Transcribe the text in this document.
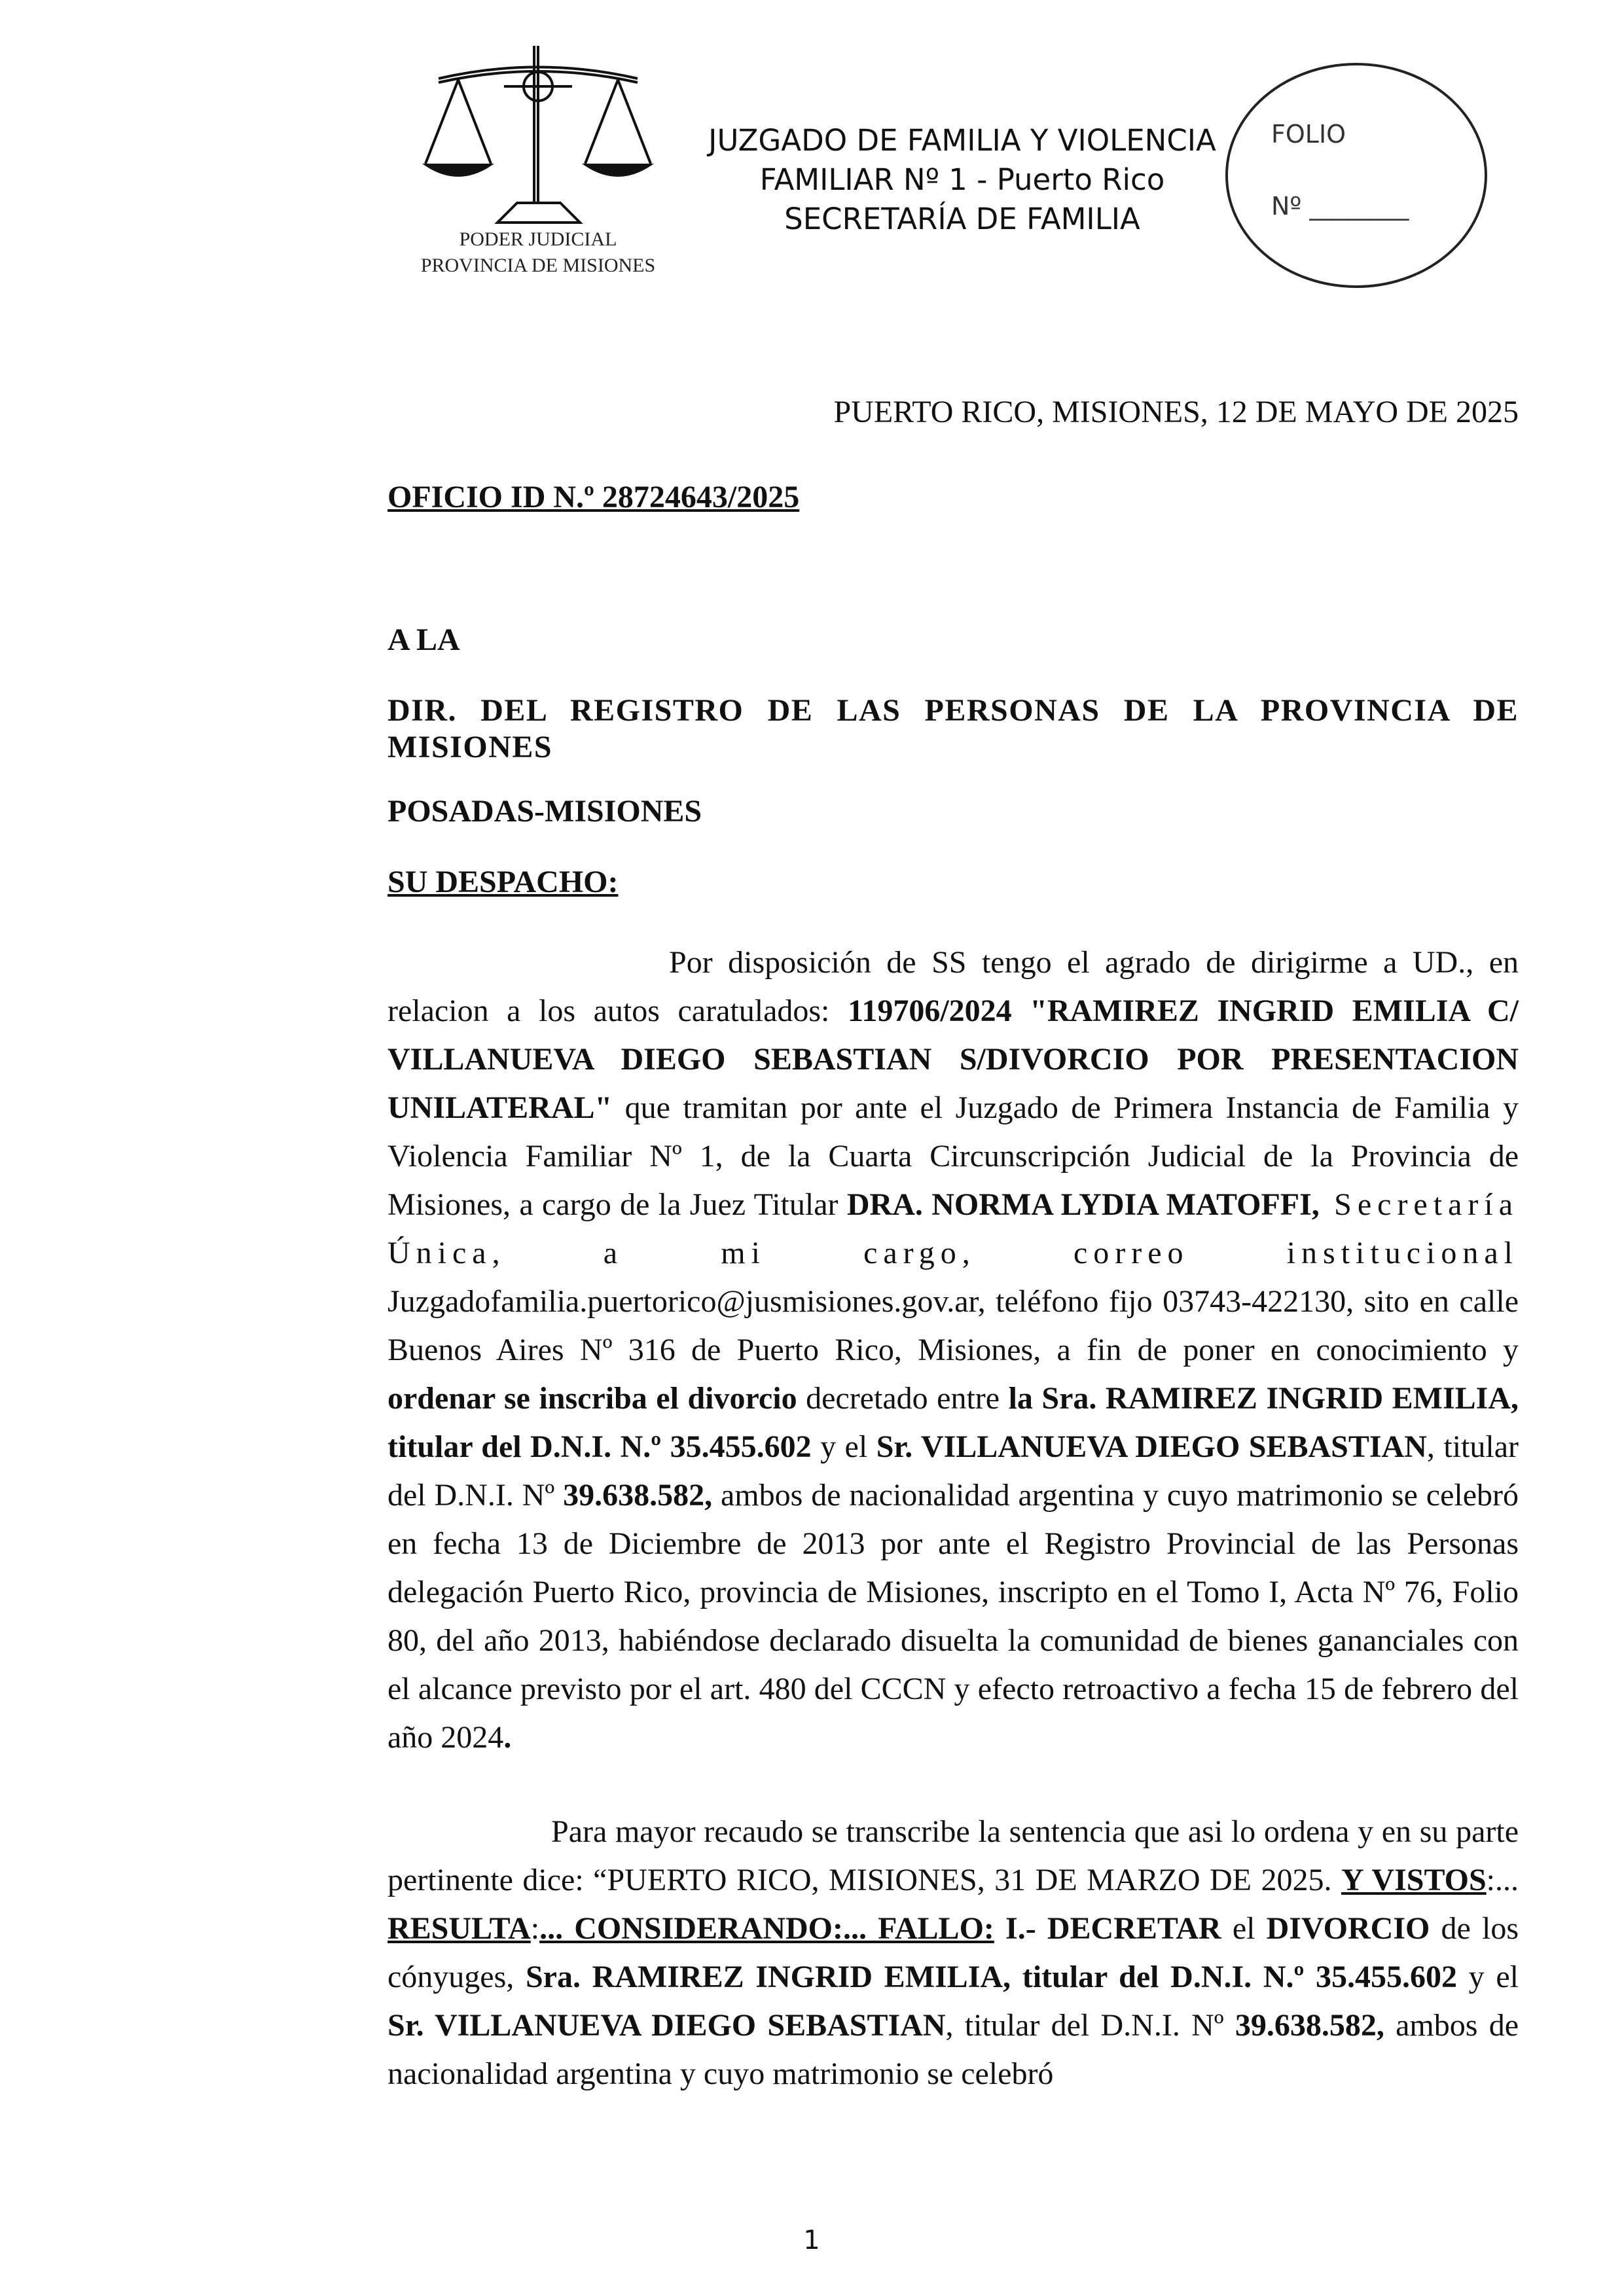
PODER JUDICIAL
PROVINCIA DE MISIONES
JUZGADO DE FAMILIA Y VIOLENCIA
FAMILIAR Nº 1 - Puerto Rico
SECRETARÍA DE FAMILIA
FOLIO
Nº ________
PUERTO RICO, MISIONES, 12 DE MAYO DE 2025
OFICIO ID N.º 28724643/2025
A LA
DIR. DEL REGISTRO DE LAS PERSONAS DE LA PROVINCIA DE MISIONES
POSADAS-MISIONES
SU DESPACHO:

Por disposición de SS tengo el agrado de dirigirme a UD., en relacion a los autos caratulados: 119706/2024 "RAMIREZ INGRID EMILIA C/ VILLANUEVA DIEGO SEBASTIAN S/DIVORCIO POR PRESENTACION UNILATERAL" que tramitan por ante el Juzgado de Primera Instancia de Familia y Violencia Familiar Nº 1, de la Cuarta Circunscripción Judicial de la Provincia de Misiones, a cargo de la Juez Titular DRA. NORMA LYDIA MATOFFI, Secretaría Única, a mi cargo, correo institucional Juzgadofamilia.puertorico@jusmisiones.gov.ar, teléfono fijo 03743-422130, sito en calle Buenos Aires Nº 316 de Puerto Rico, Misiones, a fin de poner en conocimiento y ordenar se inscriba el divorcio decretado entre la Sra. RAMIREZ INGRID EMILIA, titular del D.N.I. N.º 35.455.602 y el Sr. VILLANUEVA DIEGO SEBASTIAN, titular del D.N.I. Nº 39.638.582, ambos de nacionalidad argentina y cuyo matrimonio se celebró en fecha 13 de Diciembre de 2013 por ante el Registro Provincial de las Personas delegación Puerto Rico, provincia de Misiones, inscripto en el Tomo I, Acta Nº 76, Folio 80, del año 2013, habiéndose declarado disuelta la comunidad de bienes gananciales con el alcance previsto por el art. 480 del CCCN y efecto retroactivo a fecha 15 de febrero del año 2024.

Para mayor recaudo se transcribe la sentencia que asi lo ordena y en su parte pertinente dice: “PUERTO RICO, MISIONES, 31 DE MARZO DE 2025. Y VISTOS:... RESULTA:... CONSIDERANDO:... FALLO: I.- DECRETAR el DIVORCIO de los cónyuges, Sra. RAMIREZ INGRID EMILIA, titular del D.N.I. N.º 35.455.602 y el Sr. VILLANUEVA DIEGO SEBASTIAN, titular del D.N.I. Nº 39.638.582, ambos de nacionalidad argentina y cuyo matrimonio se celebró

1
